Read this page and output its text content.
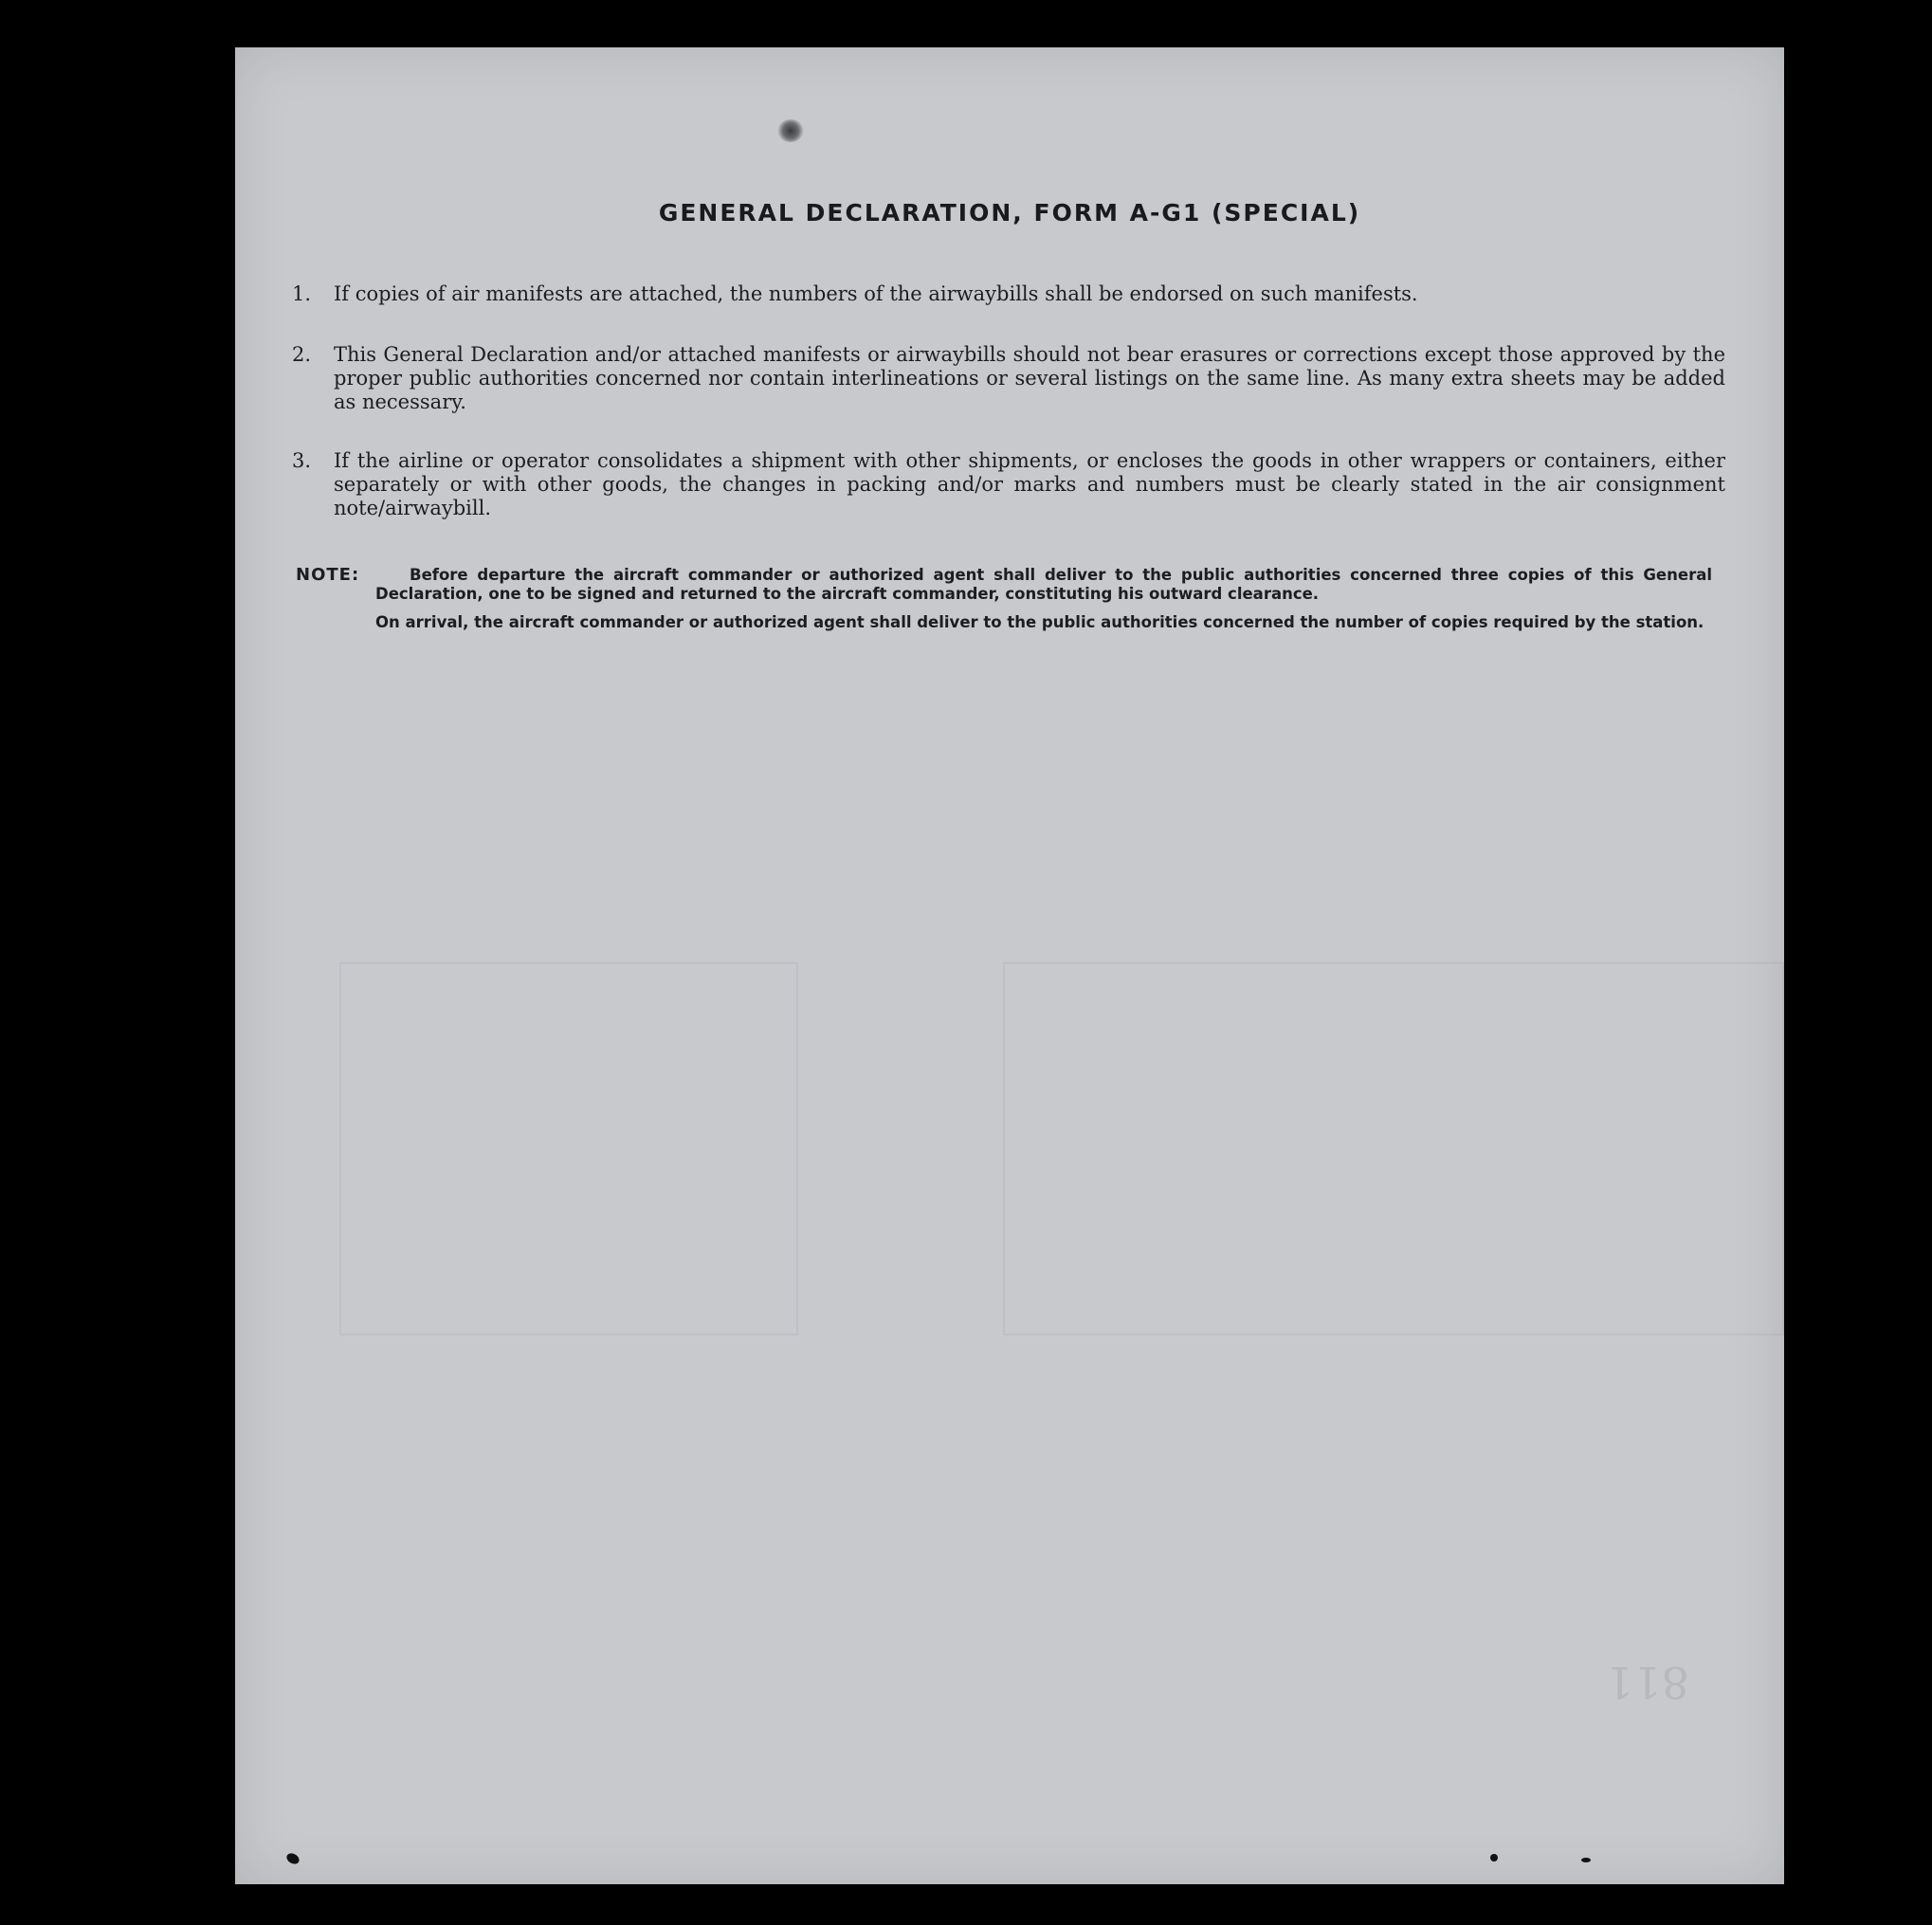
811
GENERAL DECLARATION, FORM A-G1 (SPECIAL)
1.	If copies of air manifests are attached, the numbers of the airwaybills shall be endorsed on such manifests.
2.	This General Declaration and/or attached manifests or airwaybills should not bear erasures or corrections except those approved by the proper public authorities concerned nor contain interlineations or several listings on the same line. As many extra sheets may be added as necessary.
3.	If the airline or operator consolidates a shipment with other shipments, or encloses the goods in other wrappers or containers, either separately or with other goods, the changes in packing and/or marks and numbers must be clearly stated in the air consignment note/airwaybill.
NOTE:	Before departure the aircraft commander or authorized agent shall deliver to the public authorities concerned three copies of this General Declaration, one to be signed and returned to the aircraft commander, constituting his outward clearance.
On arrival, the aircraft commander or authorized agent shall deliver to the public authorities concerned the number of copies required by the station.
